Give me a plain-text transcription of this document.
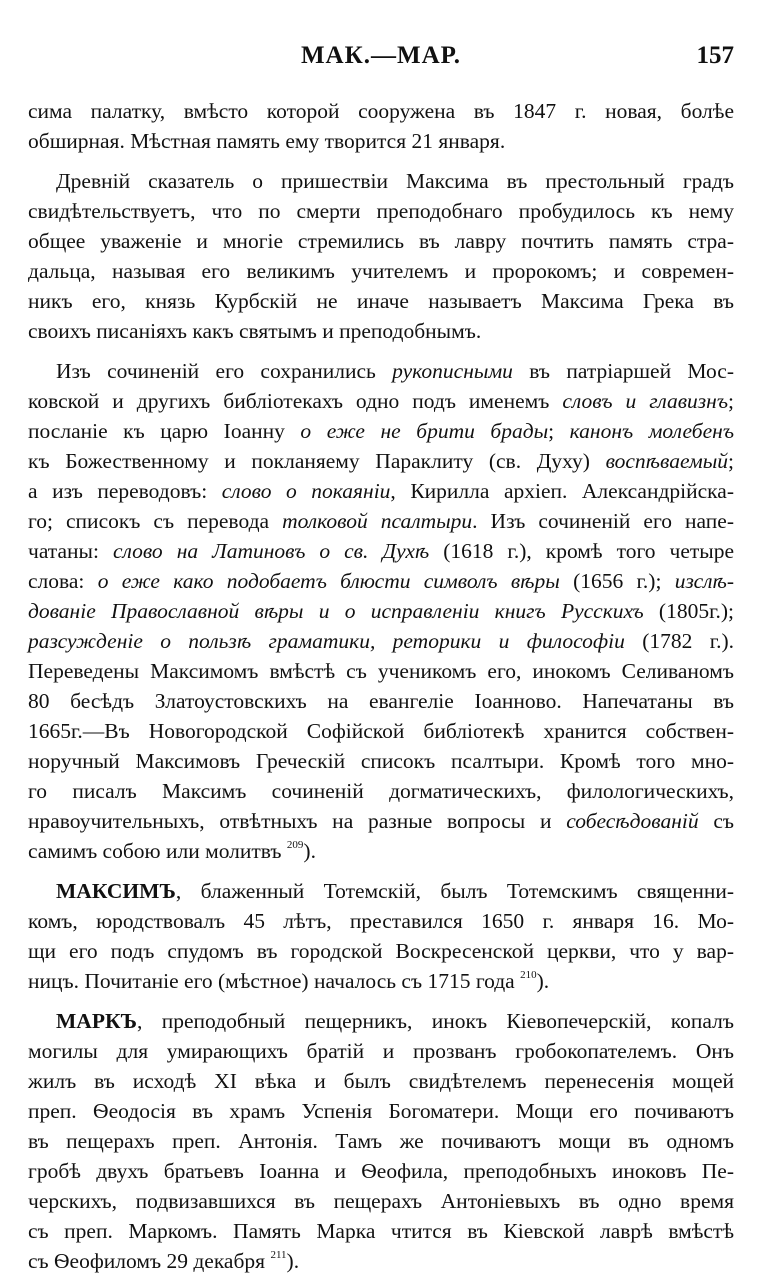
МАК.—МАР.	157
сима палатку, вмѣсто которой сооружена въ 1847 г. новая, болѣе
обширная. Мѣстная память ему творится 21 января.
Древній сказатель о пришествіи Максима въ престольный градъ
свидѣтельствуетъ, что по смерти преподобнаго пробудилось къ нему
общее уваженіе и многіе стремились въ лавру почтить память стра-
дальца, называя его великимъ учителемъ и пророкомъ; и современ-
никъ его, князь Курбскій не иначе называетъ Максима Грека въ
своихъ писаніяхъ какъ святымъ и преподобнымъ.
Изъ сочиненій его сохранились рукописными въ патріаршей Мос-
ковской и другихъ библіотекахъ одно подъ именемъ словъ и главизнъ;
посланіе къ царю Іоанну о еже не брити брады; канонъ молебенъ
къ Божественному и покланяему Параклиту (св. Духу) воспѣваемый;
а изъ переводовъ: слово о покаяніи, Кирилла архіеп. Александрійска-
го; списокъ съ перевода толковой псалтыри. Изъ сочиненій его напе-
чатаны: слово на Латиновъ о св. Духѣ (1618 г.), кромѣ того четыре
слова: о еже како подобаетъ блюсти символъ вѣры (1656 г.); изслѣ-
дованіе Православной вѣры и о исправленіи книгъ Русскихъ (1805г.);
разсужденіе о пользѣ граматики, реторики и философіи (1782 г.).
Переведены Максимомъ вмѣстѣ съ ученикомъ его, инокомъ Селиваномъ
80 бесѣдъ Златоустовскихъ на евангеліе Іоанново. Напечатаны въ
1665г.—Въ Новогородской Софійской библіотекѣ хранится собствен-
норучный Максимовъ Греческій списокъ псалтыри. Кромѣ того мно-
го писалъ Максимъ сочиненій догматическихъ, филологическихъ,
нравоучительныхъ, отвѣтныхъ на разные вопросы и собесѣдованій съ
самимъ собою или молитвъ $^{209}$).
МАКСИМЪ, блаженный Тотемскій, былъ Тотемскимъ священни-
комъ, юродствовалъ 45 лѣтъ, преставился 1650 г. января 16. Мо-
щи его подъ спудомъ въ городской Воскресенской церкви, что у вар-
ницъ. Почитаніе его (мѣстное) началось съ 1715 года $^{210}$).
МАРКЪ, преподобный пещерникъ, инокъ Кіевопечерскій, копалъ
могилы для умирающихъ братій и прозванъ гробокопателемъ. Онъ
жилъ въ исходѣ XI вѣка и былъ свидѣтелемъ перенесенія мощей
преп. Ѳеодосія въ храмъ Успенія Богоматери. Мощи его почиваютъ
въ пещерахъ преп. Антонія. Тамъ же почиваютъ мощи въ одномъ
гробѣ двухъ братьевъ Іоанна и Ѳеофила, преподобныхъ иноковъ Пе-
черскихъ, подвизавшихся въ пещерахъ Антоніевыхъ въ одно время
съ преп. Маркомъ. Память Марка чтится въ Кіевской лаврѣ вмѣстѣ
съ Ѳеофиломъ 29 декабря $^{211}$).
